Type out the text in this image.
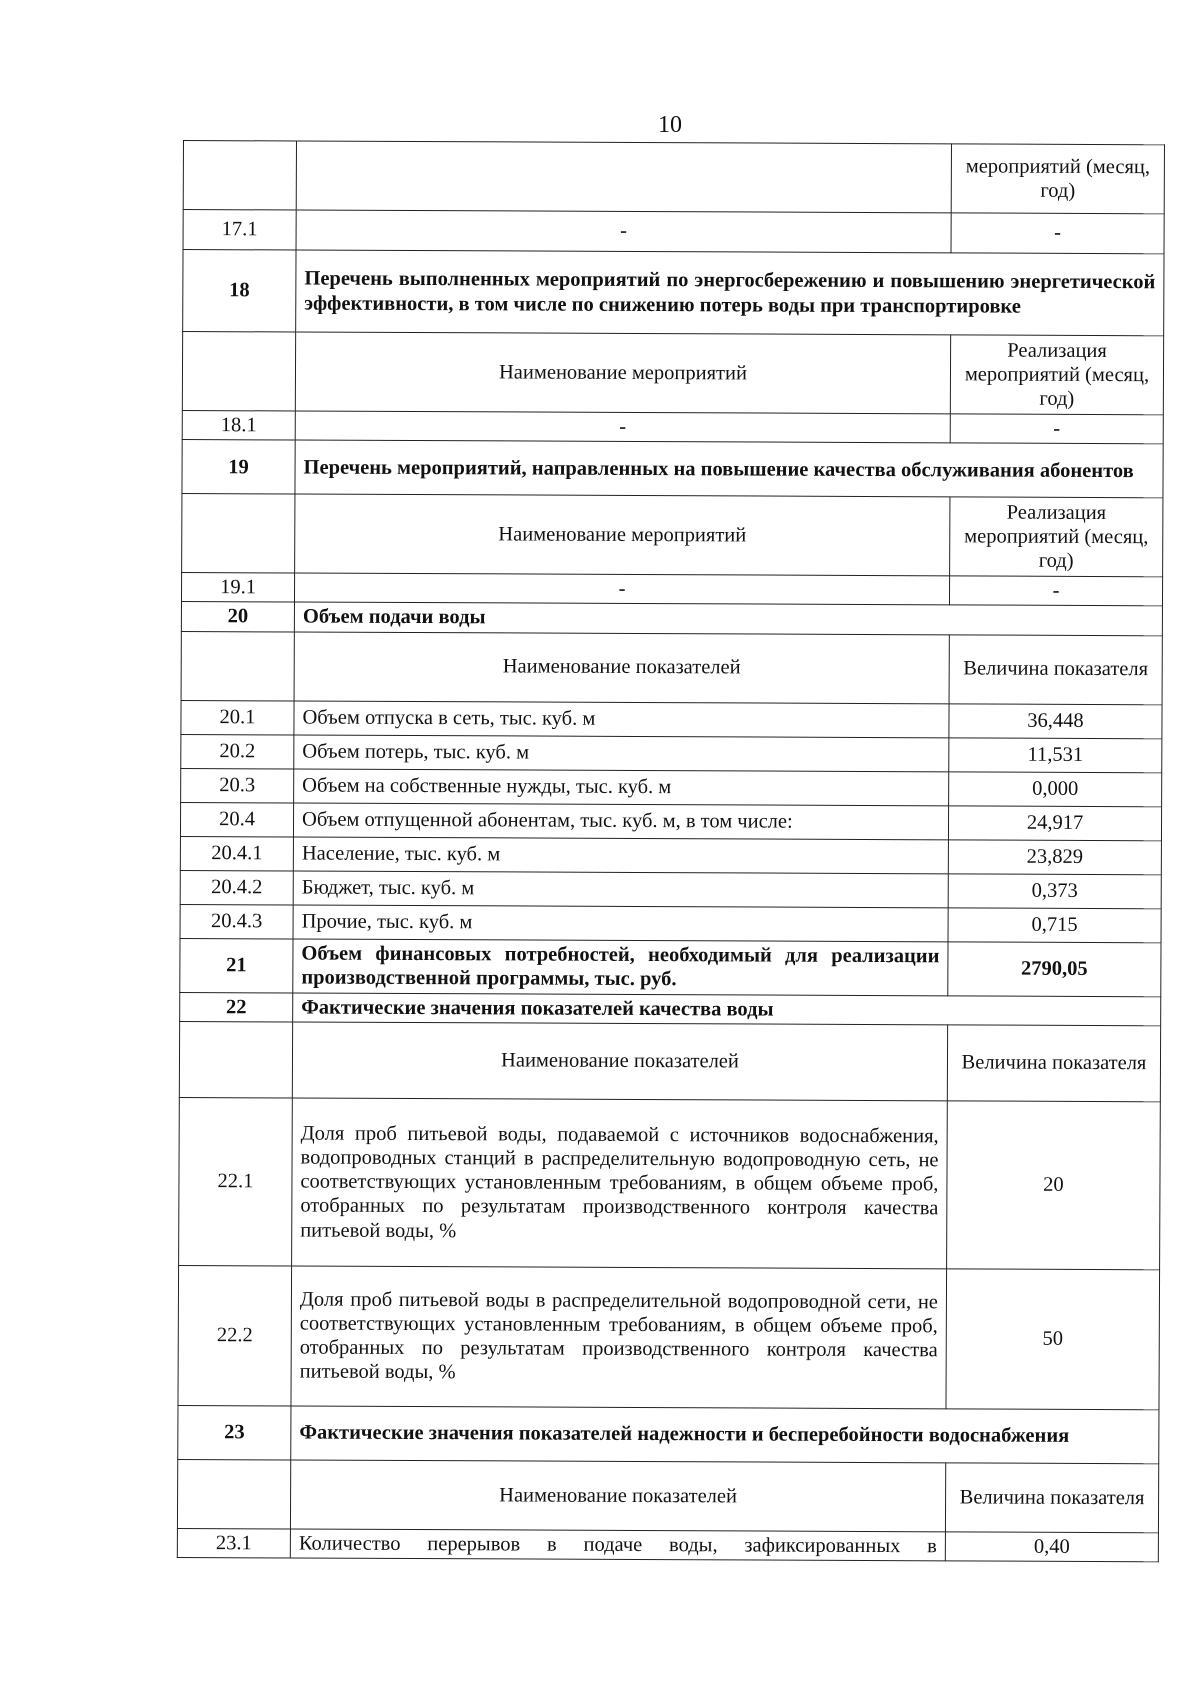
10
		мероприятий (месяц, год)
17.1	-	-
18	Перечень выполненных мероприятий по энергосбережению и повышению энергетической эффективности, в том числе по снижению потерь воды при транспортировке	
	Наименование мероприятий	Реализация мероприятий (месяц, год)
18.1	-	-
19	Перечень мероприятий, направленных на повышение качества обслуживания абонентов	
	Наименование мероприятий	Реализация мероприятий (месяц, год)
19.1	-	-
20	Объем подачи воды	
	Наименование показателей	Величина показателя
20.1	Объем отпуска в сеть, тыс. куб. м	36,448
20.2	Объем потерь, тыс. куб. м	11,531
20.3	Объем на собственные нужды, тыс. куб. м	0,000
20.4	Объем отпущенной абонентам, тыс. куб. м, в том числе:	24,917
20.4.1	Население, тыс. куб. м	23,829
20.4.2	Бюджет, тыс. куб. м	0,373
20.4.3	Прочие, тыс. куб. м	0,715
21	Объем финансовых потребностей, необходимый для реализации производственной программы, тыс. руб.	2790,05
22	Фактические значения показателей качества воды	
	Наименование показателей	Величина показателя
22.1	Доля проб питьевой воды, подаваемой с источников водоснабжения, водопроводных станций в распределительную водопроводную сеть, не соответствующих установленным требованиям, в общем объеме проб, отобранных по результатам производственного контроля качества питьевой воды, %	20
22.2	Доля проб питьевой воды в распределительной водопроводной сети, не соответствующих установленным требованиям, в общем объеме проб, отобранных по результатам производственного контроля качества питьевой воды, %	50
23	Фактические значения показателей надежности и бесперебойности водоснабжения	
	Наименование показателей	Величина показателя
23.1	Количество перерывов в подаче воды, зафиксированных в	0,40
